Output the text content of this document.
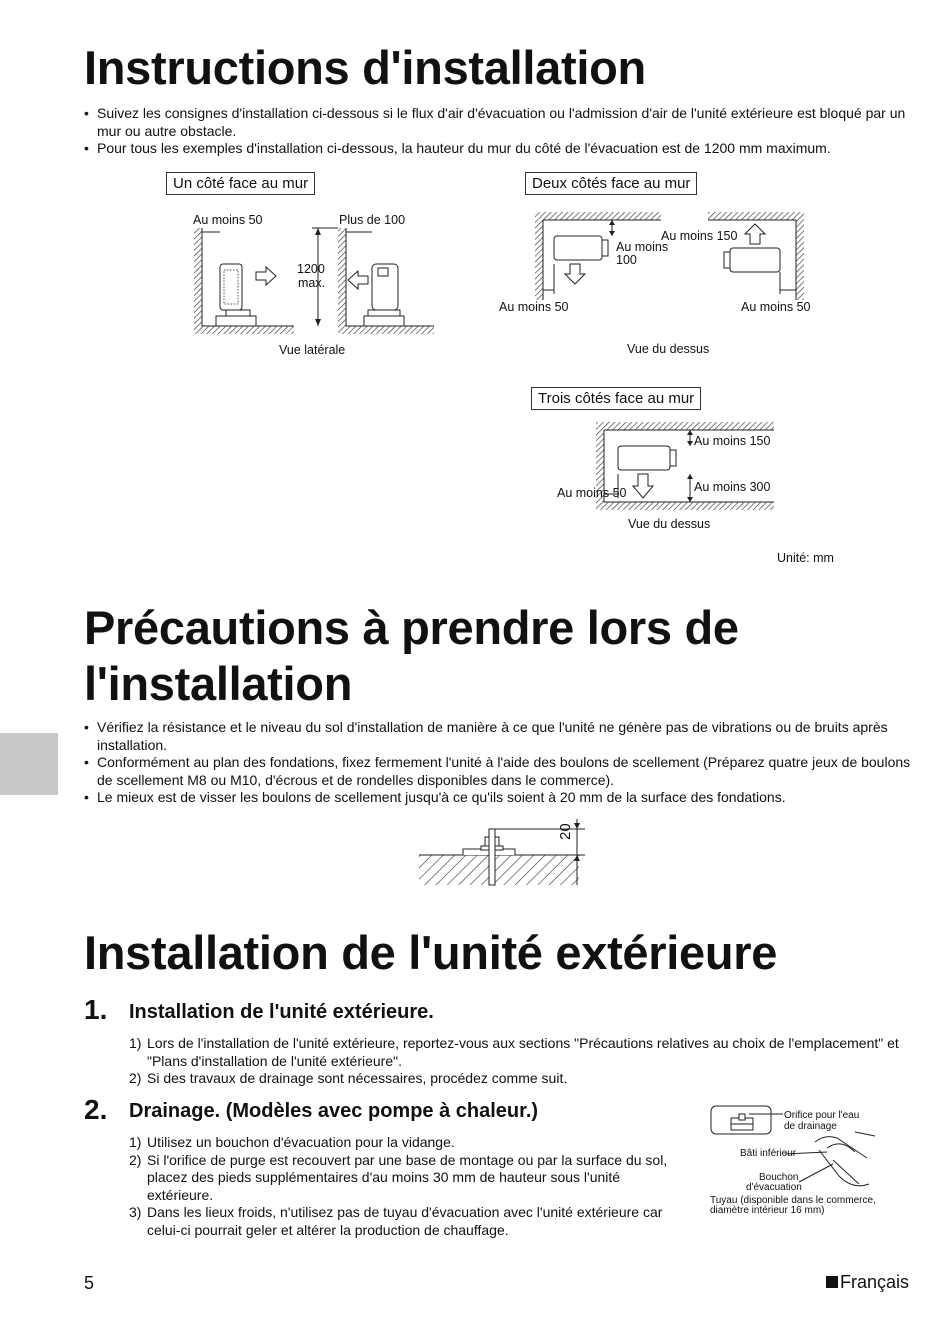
Instructions d'installation
• Suivez les consignes d'installation ci-dessous si le flux d'air d'évacuation ou l'admission d'air de l'unité extérieure est bloqué par un mur ou autre obstacle.
• Pour tous les exemples d'installation ci-dessous, la hauteur du mur du côté de l'évacuation est de 1200 mm maximum.
Un côté face au mur
Au moins 50	Plus de 100
1200
max.
Vue latérale
Deux côtés face au mur
Au moins
100
Au moins 150
Au moins 50	Au moins 50
Vue du dessus
Trois côtés face au mur
Au moins 150
Au moins 300
Au moins 50
Vue du dessus
Unité: mm
Précautions à prendre lors de
l'installation
• Vérifiez la résistance et le niveau du sol d'installation de manière à ce que l'unité ne génère pas de vibrations ou de bruits après installation.
• Conformément au plan des fondations, fixez fermement l'unité à l'aide des boulons de scellement (Préparez quatre jeux de boulons de scellement M8 ou M10, d'écrous et de rondelles disponibles dans le commerce).
• Le mieux est de visser les boulons de scellement jusqu'à ce qu'ils soient à 20 mm de la surface des fondations.
20
Installation de l'unité extérieure
1. Installation de l'unité extérieure.
1) Lors de l'installation de l'unité extérieure, reportez-vous aux sections "Précautions relatives au choix de l'emplacement" et "Plans d'installation de l'unité extérieure".
2) Si des travaux de drainage sont nécessaires, procédez comme suit.
2. Drainage. (Modèles avec pompe à chaleur.)
1) Utilisez un bouchon d'évacuation pour la vidange.
2) Si l'orifice de purge est recouvert par une base de montage ou par la surface du sol, placez des pieds supplémentaires d'au moins 30 mm de hauteur sous l'unité extérieure.
3) Dans les lieux froids, n'utilisez pas de tuyau d'évacuation avec l'unité extérieure car celui-ci pourrait geler et altérer la production de chauffage.
Orifice pour l'eau
de drainage
Bâti inférieur
Bouchon
d'évacuation
Tuyau (disponible dans le commerce,
diamètre intérieur 16 mm)
5	Français
